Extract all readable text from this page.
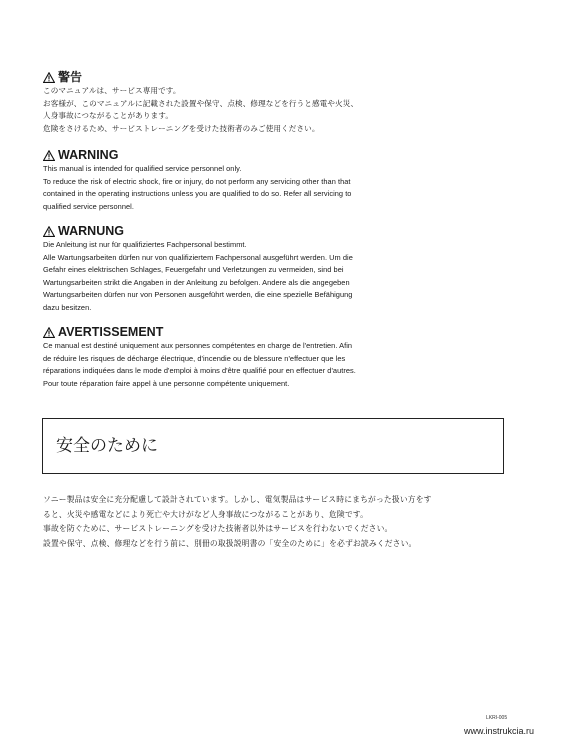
警告
このマニュアルは、サービス専用です。
お客様が、このマニュアルに記載された設置や保守、点検、修理などを行うと感電や火災、
人身事故につながることがあります。
危険をさけるため、サービストレーニングを受けた技術者のみご使用ください。
WARNING
This manual is intended for qualified service personnel only.
To reduce the risk of electric shock, fire or injury, do not perform any servicing other than that
contained in the operating instructions unless you are qualified to do so. Refer all servicing to
qualified service personnel.
WARNUNG
Die Anleitung ist nur für qualifiziertes Fachpersonal bestimmt.
Alle Wartungsarbeiten dürfen nur von qualifiziertem Fachpersonal ausgeführt werden. Um die
Gefahr eines elektrischen Schlages, Feuergefahr und Verletzungen zu vermeiden, sind bei
Wartungsarbeiten strikt die Angaben in der Anleitung zu befolgen. Andere als die angegeben
Wartungsarbeiten dürfen nur von Personen ausgeführt werden, die eine spezielle Befähigung
dazu besitzen.
AVERTISSEMENT
Ce manual est destiné uniquement aux personnes compétentes en charge de l'entretien. Afin
de réduire les risques de décharge électrique, d'incendie ou de blessure n'effectuer que les
réparations indiquées dans le mode d'emploi à moins d'être qualifié pour en effectuer d'autres.
Pour toute réparation faire appel à une personne compétente uniquement.
安全のために
ソニー製品は安全に充分配慮して設計されています。しかし、電気製品はサービス時にまちがった扱い方をす
ると、火災や感電などにより死亡や大けがなど人身事故につながることがあり、危険です。
事故を防ぐために、サービストレーニングを受けた技術者以外はサービスを行わないでください。
設置や保守、点検、修理などを行う前に、別冊の取扱説明書の「安全のために」を必ずお読みください。
LKRI-005
www.instrukcia.ru
